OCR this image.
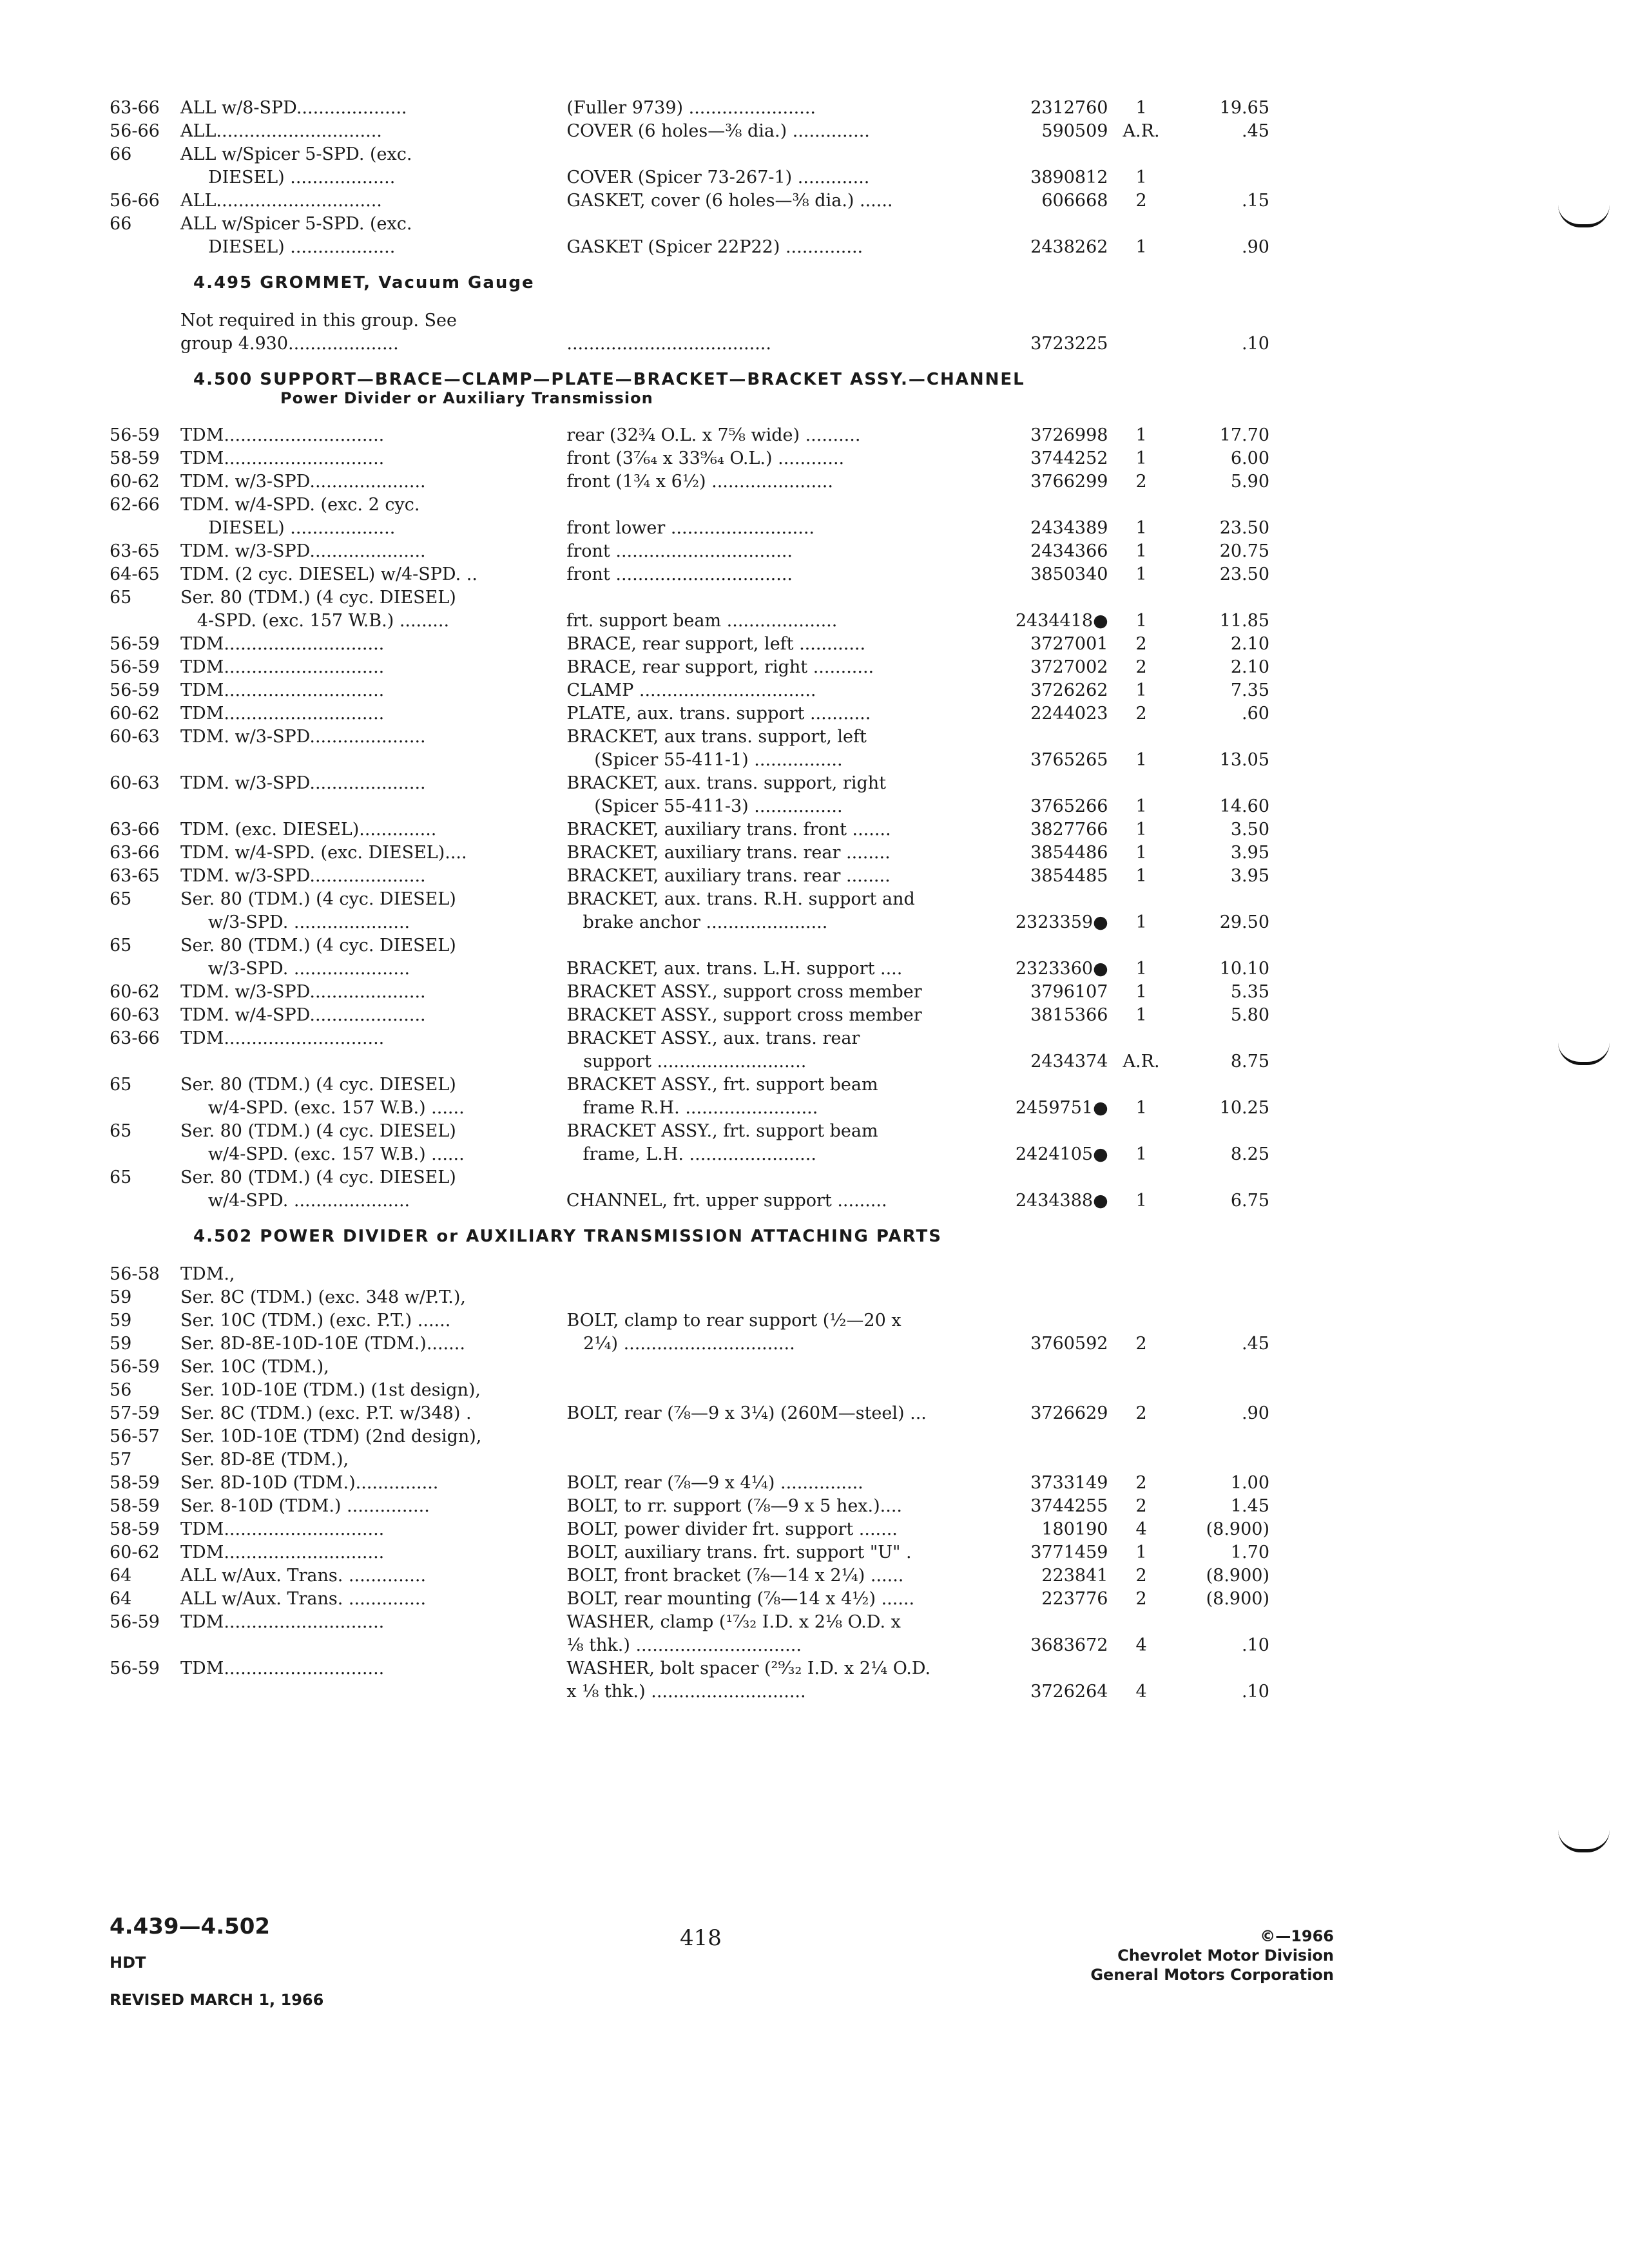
63-66	ALL w/8-SPD....................	(Fuller 9739) .......................	2312760	1	19.65
56-66	ALL..............................	COVER (6 holes—⅜ dia.) ..............	590509 A.R.	.45
66	ALL w/Spicer 5-SPD. (exc.
DIESEL) ...................	COVER (Spicer 73-267-1) .............	3890812	1
56-66	ALL..............................	GASKET, cover (6 holes—⅜ dia.) ......	606668	2	.15
66	ALL w/Spicer 5-SPD. (exc.
DIESEL) ...................	GASKET (Spicer 22P22) ..............	2438262	1	.90
4.495 GROMMET, Vacuum Gauge
Not required in this group. See
group 4.930....................	.....................................	3723225	.10
4.500 SUPPORT—BRACE—CLAMP—PLATE—BRACKET—BRACKET ASSY.—CHANNEL
Power Divider or Auxiliary Transmission
56-59	TDM.............................	rear (32¾ O.L. x 7⅝ wide) ..........	3726998	1	17.70
58-59	TDM.............................	front (3⁷⁄₆₄ x 33⁹⁄₆₄ O.L.) ............	3744252	1	6.00
60-62	TDM. w/3-SPD.....................	front (1¾ x 6½) ......................	3766299	2	5.90
62-66	TDM. w/4-SPD. (exc. 2 cyc.
DIESEL) ...................	front lower ..........................	2434389	1	23.50
63-65	TDM. w/3-SPD.....................	front ................................	2434366	1	20.75
64-65	TDM. (2 cyc. DIESEL) w/4-SPD. ..	front ................................	3850340	1	23.50
65	Ser. 80 (TDM.) (4 cyc. DIESEL)
4-SPD. (exc. 157 W.B.) .........	frt. support beam ....................	2434418●	1	11.85
56-59	TDM.............................	BRACE, rear support, left ............	3727001	2	2.10
56-59	TDM.............................	BRACE, rear support, right ...........	3727002	2	2.10
56-59	TDM.............................	CLAMP ................................	3726262	1	7.35
60-62	TDM.............................	PLATE, aux. trans. support ...........	2244023	2	.60
60-63	TDM. w/3-SPD.....................	BRACKET, aux trans. support, left
(Spicer 55-411-1) ................	3765265	1	13.05
60-63	TDM. w/3-SPD.....................	BRACKET, aux. trans. support, right
(Spicer 55-411-3) ................	3765266	1	14.60
63-66	TDM. (exc. DIESEL)..............	BRACKET, auxiliary trans. front .......	3827766	1	3.50
63-66	TDM. w/4-SPD. (exc. DIESEL)....	BRACKET, auxiliary trans. rear ........	3854486	1	3.95
63-65	TDM. w/3-SPD.....................	BRACKET, auxiliary trans. rear ........	3854485	1	3.95
65	Ser. 80 (TDM.) (4 cyc. DIESEL)	BRACKET, aux. trans. R.H. support and
w/3-SPD. .....................	brake anchor ......................	2323359●	1	29.50
65	Ser. 80 (TDM.) (4 cyc. DIESEL)
w/3-SPD. .....................	BRACKET, aux. trans. L.H. support ....	2323360●	1	10.10
60-62	TDM. w/3-SPD.....................	BRACKET ASSY., support cross member	3796107	1	5.35
60-63	TDM. w/4-SPD.....................	BRACKET ASSY., support cross member	3815366	1	5.80
63-66	TDM.............................	BRACKET ASSY., aux. trans. rear
support ...........................	2434374 A.R.	8.75
65	Ser. 80 (TDM.) (4 cyc. DIESEL)	BRACKET ASSY., frt. support beam
w/4-SPD. (exc. 157 W.B.) ......	frame R.H. ........................	2459751●	1	10.25
65	Ser. 80 (TDM.) (4 cyc. DIESEL)	BRACKET ASSY., frt. support beam
w/4-SPD. (exc. 157 W.B.) ......	frame, L.H. .......................	2424105●	1	8.25
65	Ser. 80 (TDM.) (4 cyc. DIESEL)
w/4-SPD. .....................	CHANNEL, frt. upper support .........	2434388●	1	6.75
4.502 POWER DIVIDER or AUXILIARY TRANSMISSION ATTACHING PARTS
56-58	TDM.,
59	Ser. 8C (TDM.) (exc. 348 w/P.T.),
59	Ser. 10C (TDM.) (exc. P.T.) ......	BOLT, clamp to rear support (½—20 x
59	Ser. 8D-8E-10D-10E (TDM.).......	2¼) ...............................	3760592	2	.45
56-59	Ser. 10C (TDM.),
56	Ser. 10D-10E (TDM.) (1st design),
57-59	Ser. 8C (TDM.) (exc. P.T. w/348) .	BOLT, rear (⅞—9 x 3¼) (260M—steel) ...	3726629	2	.90
56-57	Ser. 10D-10E (TDM) (2nd design),
57	Ser. 8D-8E (TDM.),
58-59	Ser. 8D-10D (TDM.)...............	BOLT, rear (⅞—9 x 4¼) ...............	3733149	2	1.00
58-59	Ser. 8-10D (TDM.) ...............	BOLT, to rr. support (⅞—9 x 5 hex.)....	3744255	2	1.45
58-59	TDM.............................	BOLT, power divider frt. support .......	180190	4	(8.900)
60-62	TDM.............................	BOLT, auxiliary trans. frt. support "U" .	3771459	1	1.70
64	ALL w/Aux. Trans. ..............	BOLT, front bracket (⅞—14 x 2¼) ......	223841	2	(8.900)
64	ALL w/Aux. Trans. ..............	BOLT, rear mounting (⅞—14 x 4½) ......	223776	2	(8.900)
56-59	TDM.............................	WASHER, clamp (¹⁷⁄₃₂ I.D. x 2⅛ O.D. x
⅛ thk.) ..............................	3683672	4	.10
56-59	TDM.............................	WASHER, bolt spacer (²⁹⁄₃₂ I.D. x 2¼ O.D.
x ⅛ thk.) ............................	3726264	4	.10
4.439—4.502
HDT
REVISED MARCH 1, 1966
418	©—1966
Chevrolet Motor Division
General Motors Corporation
